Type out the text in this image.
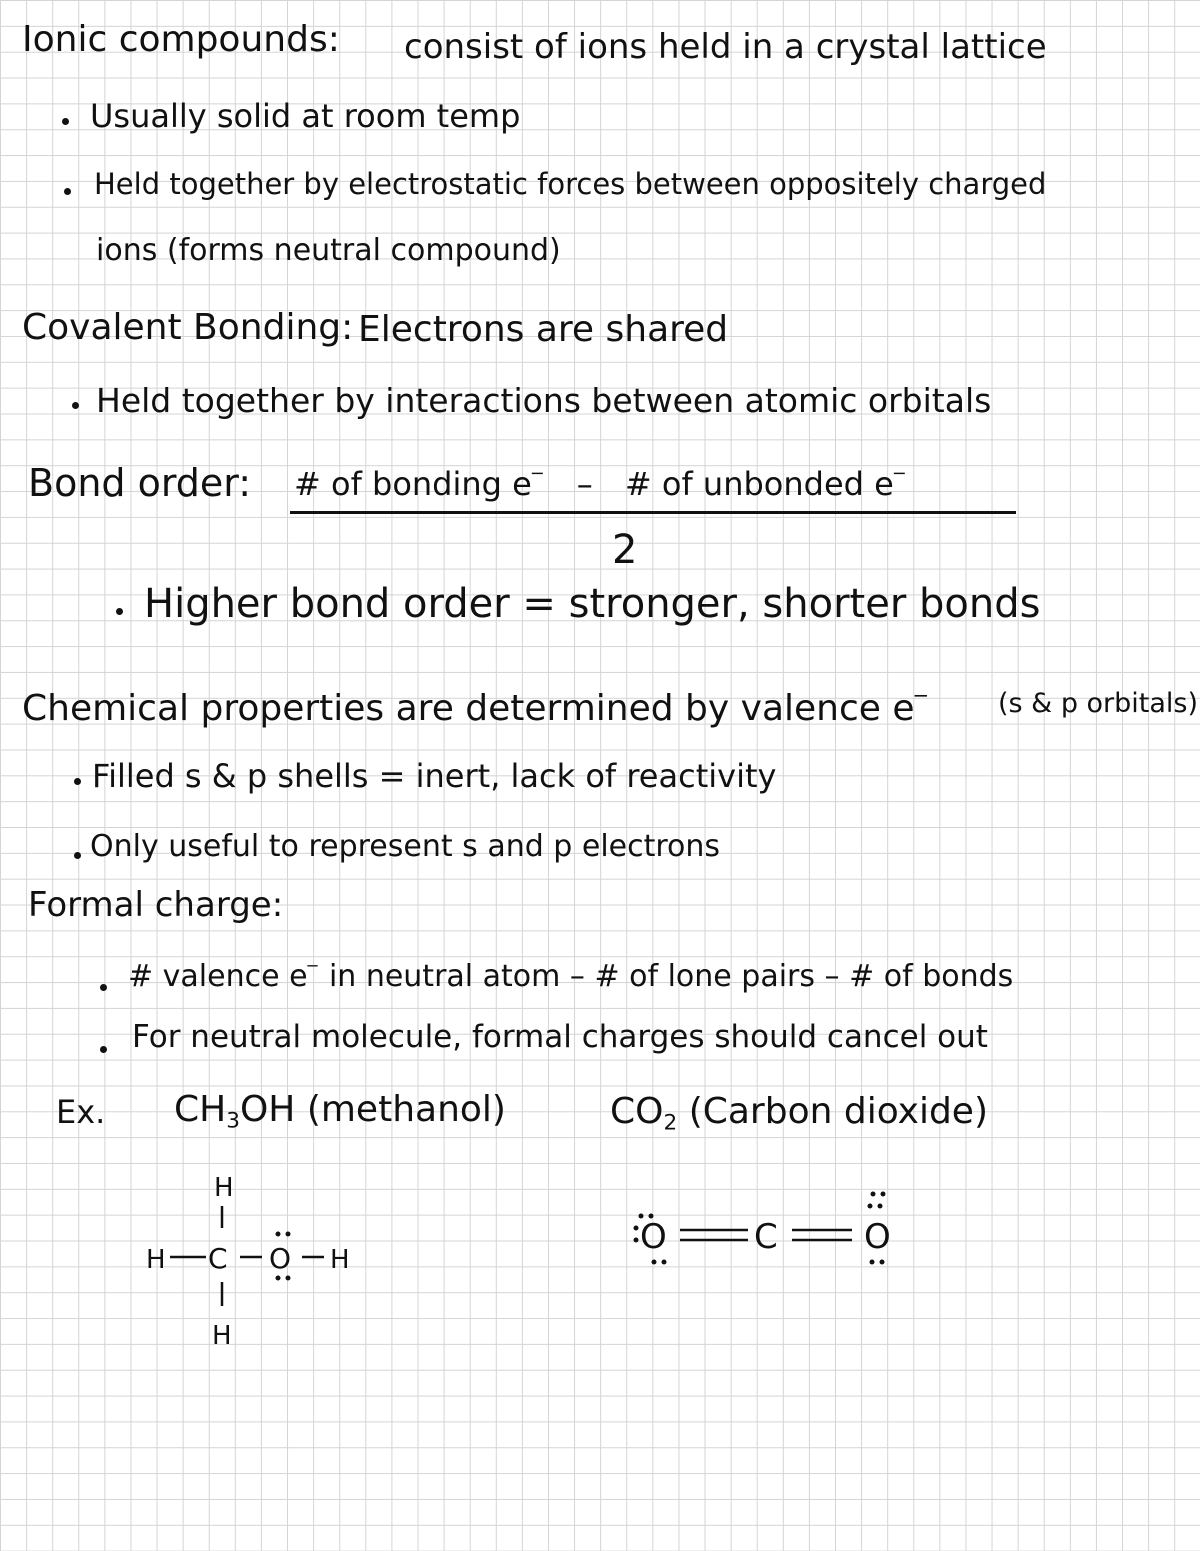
Ionic compounds: consist of ions held in a crystal lattice
Usually solid at room temp
Held together by electrostatic forces between oppositely charged
ions (forms neutral compound)
Covalent Bonding: Electrons are shared
Held together by interactions between atomic orbitals
Bond order: # of bonding e− – # of unbonded e−
2
Higher bond order = stronger, shorter bonds
Chemical properties are determined by valence e−	(s & p orbitals)
Filled s & p shells = inert, lack of reactivity
Only useful to represent s and p electrons
Formal charge:
# valence e− in neutral atom – # of lone pairs – # of bonds
For neutral molecule, formal charges should cancel out
Ex. $CH_3OH$ (methanol)	$CO_2$ (Carbon dioxide)
H
H C O H
H
O	C	O
